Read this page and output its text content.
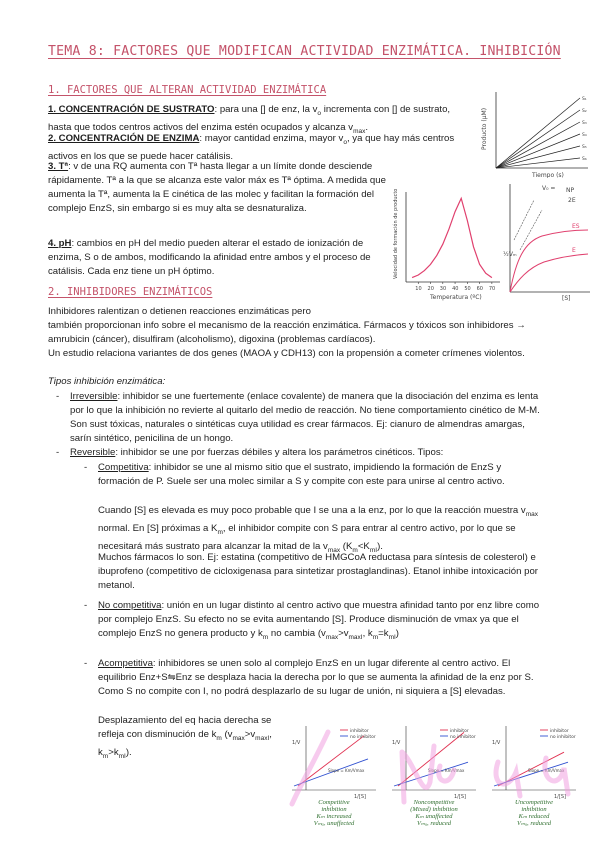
TEMA 8: FACTORES QUE MODIFICAN ACTIVIDAD ENZIMÁTICA. INHIBICIÓN
1. FACTORES QUE ALTERAN ACTIVIDAD ENZIMÁTICA
1. CONCENTRACIÓN DE SUSTRATO: para una [] de enz, la $v_o$ incrementa con [] de sustrato, hasta que todos centros activos del enzima estén ocupados y alcanza $v_{max}$.
2. CONCENTRACIÓN DE ENZIMA: mayor cantidad enzima, mayor $v_o$, ya que hay más centros activos en los que se puede hacer catálisis.
3. Tª: v de una RQ aumenta con Tª hasta llegar a un límite donde desciende rápidamente. Tª a la que se alcanza este valor máx es Tª óptima. A medida que aumenta la Tª, aumenta la E cinética de las molec y facilitan la formación del complejo EnzS, sin embargo si es muy alta se desnaturaliza.
4. pH: cambios en pH del medio pueden alterar el estado de ionización de enzima, S o de ambos, modificando la afinidad entre ambos y el proceso de catálisis. Cada enz tiene un pH óptimo.
S₁
S₂
S₃
S₄
S₅
S₆
Producto (μM)
Tiempo (s)
10 20 30 40 50 60 70
Velocidad de formación de producto
Temperatura (ºC)
V₀ = NP
2E
½Vₘ
ES
E
[S]
2. INHIBIDORES ENZIMÁTICOS
Inhibidores ralentizan o detienen reacciones enzimáticas pero
también proporcionan info sobre el mecanismo de la reacción enzimática. Fármacos y tóxicos son inhibidores → amrubicin (cáncer), disulfiram (alcoholismo), digoxina (problemas cardíacos).
Un estudio relaciona variantes de dos genes (MAOA y CDH13) con la propensión a cometer crímenes violentos.
Tipos inhibición enzimática:
- Irreversible: inhibidor se une fuertemente (enlace covalente) de manera que la disociación del enzima es lenta por lo que la inhibición no revierte al quitarlo del medio de reacción. No tiene comportamiento cinético de M-M. Son sust tóxicas, naturales o sintéticas cuya utilidad es crear fármacos. Ej: cianuro de almendras amargas, sarín sintético, penicilina de un hongo.
- Reversible: inhibidor se une por fuerzas débiles y altera los parámetros cinéticos. Tipos:
- Competitiva: inhibidor se une al mismo sitio que el sustrato, impidiendo la formación de EnzS y formación de P. Suele ser una molec similar a S y compite con este para unirse al centro activo.
Cuando [S] es elevada es muy poco probable que I se una a la enz, por lo que la reacción muestra $v_{max}$ normal. En [S] próximas a $K_m$, el inhibidor compite con S para entrar al centro activo, por lo que se necesitará más sustrato para alcanzar la mitad de la $v_{max}$ $(K_m<K_{mI})$.
Muchos fármacos lo son. Ej: estatina (competitivo de HMGCoA reductasa para síntesis de colesterol) e ibuprofeno (competitivo de cicloxigenasa para sintetizar prostaglandinas). Etanol inhibe intoxicación por metanol.
- No competitiva: unión en un lugar distinto al centro activo que muestra afinidad tanto por enz libre como por complejo EnzS. Su efecto no se evita aumentando [S]. Produce disminución de vmax ya que el complejo EnzS no genera producto y $k_m$ no cambia ($v_{max}>v_{maxI}$, $k_m=k_{mI}$)
- Acompetitiva: inhibidores se unen solo al complejo EnzS en un lugar diferente al centro activo. El equilibrio Enz+S⇋Enz se desplaza hacia la derecha por lo que se aumenta la afinidad de la enz por S. Como S no compite con I, no podrá desplazarlo de su lugar de unión, ni siquiera a [S] elevadas.
Desplazamiento del eq hacia derecha se refleja con disminución de $k_m$ ($v_{max}>v_{maxI}$, $k_m>k_{mI}$).
inhibitor
no inhibitor
1/V
1/[S]
Slope = Km/Vmax
Competitive
inhibition
Kₘ increased
Vₘₐₓ unaffected
inhibitor
no inhibitor
1/V
1/[S]
Slope = Km/Vmax
Noncompetitive
(Mixed) inhibition
Kₘ unaffected
Vₘₐₓ reduced
inhibitor
no inhibitor
1/V
1/[S]
Slope = Km/Vmax
Uncompetitive
inhibition
Kₘ reduced
Vₘₐₓ reduced
